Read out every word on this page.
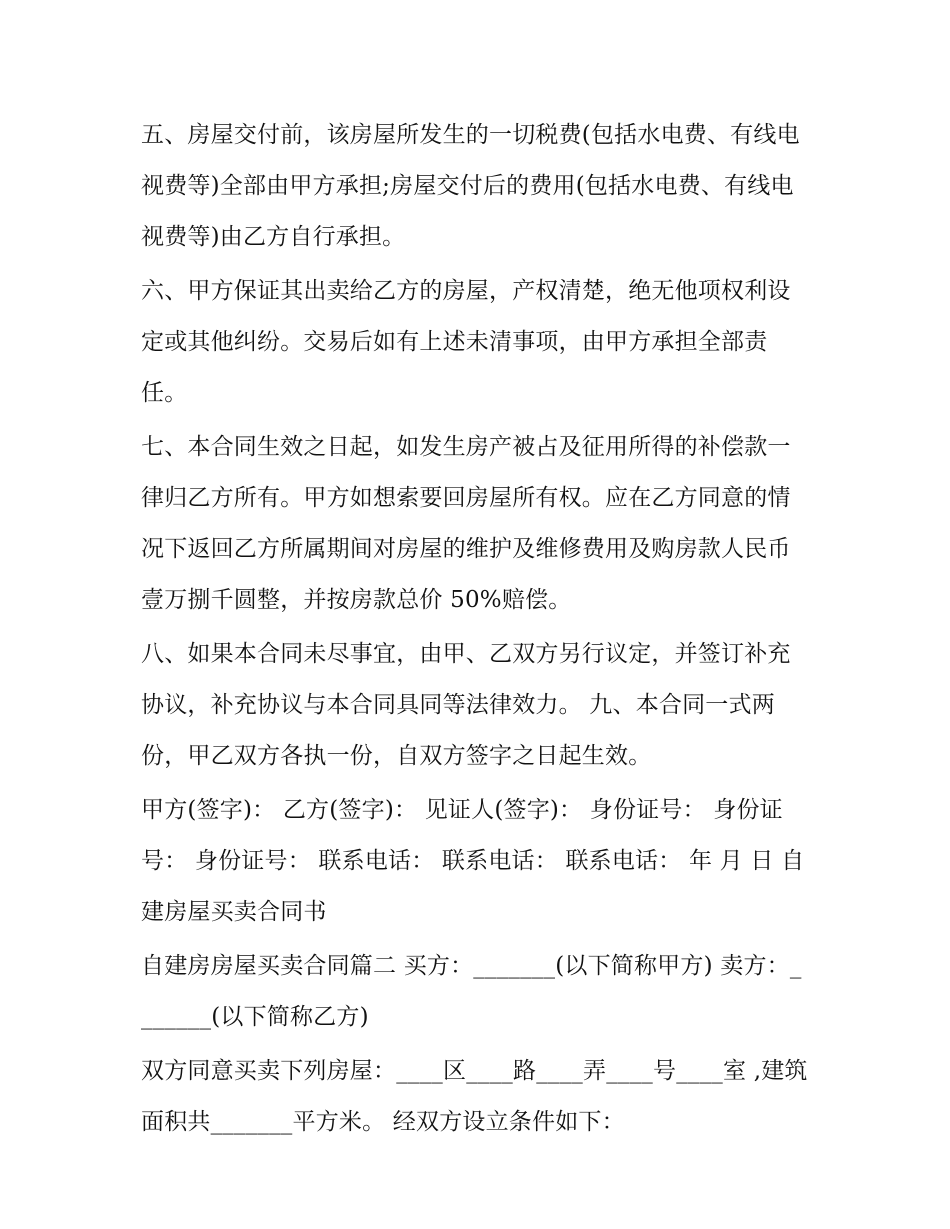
五、房屋交付前，该房屋所发生的一切税费(包括水电费、有线电视费等)全部由甲方承担;房屋交付后的费用(包括水电费、有线电视费等)由乙方自行承担。

六、甲方保证其出卖给乙方的房屋，产权清楚，绝无他项权利设定或其他纠纷。交易后如有上述未清事项，由甲方承担全部责任。

七、本合同生效之日起，如发生房产被占及征用所得的补偿款一律归乙方所有。甲方如想索要回房屋所有权。应在乙方同意的情况下返回乙方所属期间对房屋的维护及维修费用及购房款人民币壹万捌千圆整，并按房款总价 50%赔偿。

八、如果本合同未尽事宜，由甲、乙双方另行议定，并签订补充协议，补充协议与本合同具同等法律效力。 九、本合同一式两份，甲乙双方各执一份，自双方签字之日起生效。

甲方(签字)： 乙方(签字)： 见证人(签字)： 身份证号： 身份证号： 身份证号： 联系电话： 联系电话： 联系电话： 年 月 日 自建房屋买卖合同书

自建房房屋买卖合同篇二 买方：_______(以下简称甲方) 卖方：_______(以下简称乙方)

双方同意买卖下列房屋：____区____路____弄____号____室 ,建筑面积共_______平方米。 经双方设立条件如下：
